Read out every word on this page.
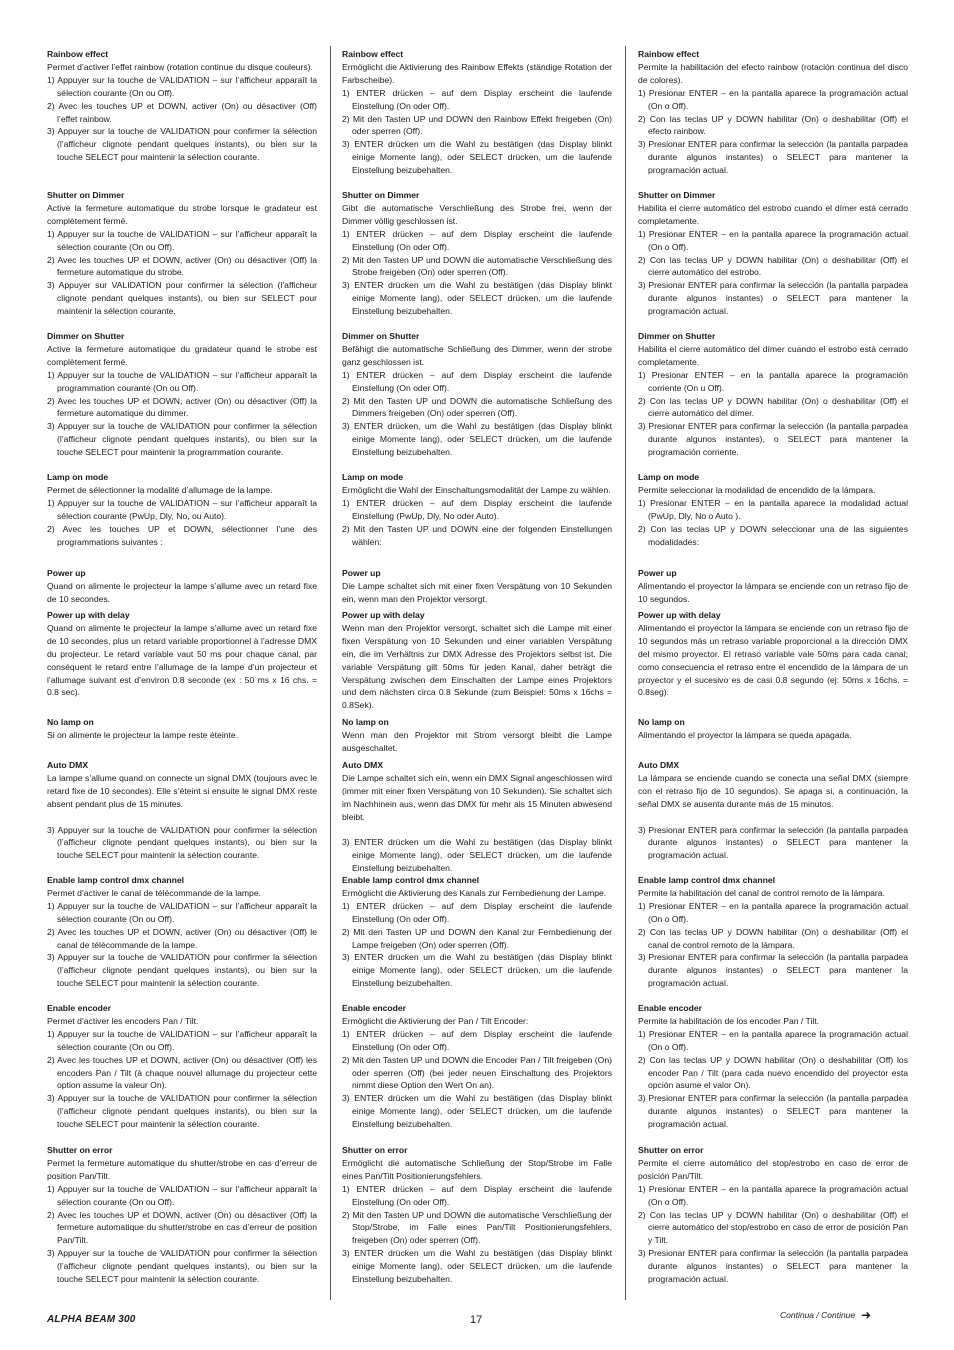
Rainbow effect
Permet d’activer l’effet rainbow (rotation continue du disque couleurs).
1) Appuyer sur la touche de VALIDATION – sur l’afficheur apparaît la sélection courante (On ou Off).
2) Avec les touches UP et DOWN, activer (On) ou désactiver (Off) l’effet rainbow.
3) Appuyer sur la touche de VALIDATION pour confirmer la sélection (l’afficheur clignote pendant quelques instants), ou bien sur la touche SELECT pour maintenir la sélection courante.
Shutter on Dimmer
Active la fermeture automatique du strobe lorsque le gradateur est complètement fermé.
1) Appuyer sur la touche de VALIDATION – sur l’afficheur apparaît la sélection courante (On ou Off).
2) Avec les touches UP et DOWN, activer (On) ou désactiver (Off) la fermeture automatique du strobe.
3) Appuyer sur VALIDATION pour confirmer la sélection (l’afficheur clignote pendant quelques instants), ou bien sur SELECT pour maintenir la sélection courante.
Dimmer on Shutter
Active la fermeture automatique du gradateur quand le strobe est complètement fermé.
1) Appuyer sur la touche de VALIDATION – sur l’afficheur apparaît la programmation courante (On ou Off).
2) Avec les touches UP et DOWN, activer (On) ou désactiver (Off) la fermeture automatique du dimmer.
3) Appuyer sur la touche de VALIDATION pour confirmer la sélection (l’afficheur clignote pendant quelques instants), ou bien sur la touche SELECT pour maintenir la programmation courante.
Lamp on mode
Permet de sélectionner la modalité d’allumage de la lampe.
1) Appuyer sur la touche de VALIDATION – sur l’afficheur apparaît la sélection courante (PwUp, Dly, No, ou Auto).
2) Avec les touches UP et DOWN, sélectionner l’une des programmations suivantes :
Power up
Quand on alimente le projecteur la lampe s’allume avec un retard fixe de 10 secondes.
Power up with delay
Quand on alimente le projecteur la lampe s’allume avec un retard fixe de 10 secondes, plus un retard variable proportionnel à l’adresse DMX du projecteur. Le retard variable vaut 50 ms pour chaque canal, par conséquent le retard entre l’allumage de la lampe d’un projecteur et l’allumage suivant est d’environ 0.8 seconde (ex : 50 ms x 16 chs. = 0.8 sec).
No lamp on
Si on alimente le projecteur la lampe reste éteinte.
Auto DMX
La lampe s’allume quand on connecte un signal DMX (toujours avec le retard fixe de 10 secondes). Elle s’éteint si ensuite le signal DMX reste absent pendant plus de 15 minutes.
3) Appuyer sur la touche de VALIDATION pour confirmer la sélection (l’afficheur clignote pendant quelques instants), ou bien sur la touche SELECT pour maintenir la sélection courante.
Enable lamp control dmx channel
Permet d’activer le canal de télécommande de la lampe.
1) Appuyer sur la touche de VALIDATION – sur l’afficheur apparaît la sélection courante (On ou Off).
2) Avec les touches UP et DOWN, activer (On) ou désactiver (Off) le canal de télécommande de la lampe.
3) Appuyer sur la touche de VALIDATION pour confirmer la sélection (l’afficheur clignote pendant quelques instants), ou bien sur la touche SELECT pour maintenir la sélection courante.
Enable encoder
Permet d’activer les encoders Pan / Tilt.
1) Appuyer sur la touche de VALIDATION – sur l’afficheur apparaît la sélection courante (On ou Off).
2) Avec les touches UP et DOWN, activer (On) ou désactiver (Off) les encoders Pan / Tilt (à chaque nouvel allumage du projecteur cette option assume la valeur On).
3) Appuyer sur la touche de VALIDATION pour confirmer la sélection (l’afficheur clignote pendant quelques instants), ou bien sur la touche SELECT pour maintenir la sélection courante.
Shutter on error
Permet la fermeture automatique du shutter/strobe en cas d’erreur de position Pan/Tilt.
1) Appuyer sur la touche de VALIDATION – sur l’afficheur apparaît la sélection courante (On ou Off).
2) Avec les touches UP et DOWN, activer (On) ou désactiver (Off) la fermeture automatique du shutter/strobe en cas d’erreur de position Pan/Tilt.
3) Appuyer sur la touche de VALIDATION pour confirmer la sélection (l’afficheur clignote pendant quelques instants), ou bien sur la touche SELECT pour maintenir la sélection courante.
Rainbow effect
Ermöglicht die Aktivierung des Rainbow Effekts (ständige Rotation der Farbscheibe).
1) ENTER drücken – auf dem Display erscheint die laufende Einstellung (On oder Off).
2) Mit den Tasten UP und DOWN den Rainbow Effekt freigeben (On) oder sperren (Off).
3) ENTER drücken um die Wahl zu bestätigen (das Display blinkt einige Momente lang), oder SELECT drücken, um die laufende Einstellung beizubehalten.
Shutter on Dimmer
Gibt die automatische Verschließung des Strobe frei, wenn der Dimmer völlig geschlossen ist.
1) ENTER drücken – auf dem Display erscheint die laufende Einstellung (On oder Off).
2) Mit den Tasten UP und DOWN die automatische Verschließung des Strobe freigeben (On) oder sperren (Off).
3) ENTER drücken um die Wahl zu bestätigen (das Display blinkt einige Momente lang), oder SELECT drücken, um die laufende Einstellung beizubehalten.
Dimmer on Shutter
Befähigt die automatische Schließung des Dimmer, wenn der strobe ganz geschlossen ist.
1) ENTER drücken – auf dem Display erscheint die laufende Einstellung (On oder Off).
2) Mit den Tasten UP und DOWN die automatische Schließung des Dimmers freigeben (On) oder sperren (Off).
3) ENTER drücken, um die Wahl zu bestätigen (das Display blinkt einige Momente lang), oder SELECT drücken, um die laufende Einstellung beizubehalten.
Lamp on mode
Ermöglicht die Wahl der Einschaltungsmodalität der Lampe zu wählen.
1) ENTER drücken – auf dem Display erscheint die laufende Einstellung (PwUp, Dly, No oder Auto).
2) Mit den Tasten UP und DOWN eine der folgenden Einstellungen wählen:
Power up
Die Lampe schaltet sich mit einer fixen Verspätung von 10 Sekunden ein, wenn man den Projektor versorgt.
Power up with delay
Wenn man den Projektor versorgt, schaltet sich die Lampe mit einer fixen Verspätung von 10 Sekunden und einer variablen Verspätung ein, die im Verhältnis zur DMX Adresse des Projektors selbst ist. Die variable Verspätung gilt 50ms für jeden Kanal, daher beträgt die Verspätung zwischen dem Einschalten der Lampe eines Projektors und dem nächsten circa 0.8 Sekunde (zum Beispiel: 50ms x 16chs = 0.8Sek).
No lamp on
Wenn man den Projektor mit Strom versorgt bleibt die Lampe ausgeschaltet.
Auto DMX
Die Lampe schaltet sich ein, wenn ein DMX Signal angeschlossen wird (immer mit einer fixen Verspätung von 10 Sekunden). Sie schaltet sich im Nachhinein aus, wenn das DMX für mehr als 15 Minuten abwesend bleibt.
3) ENTER drücken um die Wahl zu bestätigen (das Display blinkt einige Momente lang), oder SELECT drücken, um die laufende Einstellung beizubehalten.
Enable lamp control dmx channel
Ermöglicht die Aktivierung des Kanals zur Fernbedienung der Lampe.
1) ENTER drücken – auf dem Display erscheint die laufende Einstellung (On oder Off).
2) Mit den Tasten UP und DOWN den Kanal zur Fernbedienung der Lampe freigeben (On) oder sperren (Off).
3) ENTER drücken um die Wahl zu bestätigen (das Display blinkt einige Momente lang), oder SELECT drücken, um die laufende Einstellung beizubehalten.
Enable encoder
Ermöglicht die Aktivierung der Pan / Tilt Encoder:
1) ENTER drücken – auf dem Display erscheint die laufende Einstellung (On oder Off).
2) Mit den Tasten UP und DOWN die Encoder Pan / Tilt freigeben (On) oder sperren (Off) (bei jeder neuen Einschaltung des Projektors nimmt diese Option den Wert On an).
3) ENTER drücken um die Wahl zu bestätigen (das Display blinkt einige Momente lang), oder SELECT drücken, um die laufende Einstellung beizubehalten.
Shutter on error
Ermöglicht die automatische Schließung der Stop/Strobe im Falle eines Pan/Tilt Positionierungsfehlers.
1) ENTER drücken – auf dem Display erscheint die laufende Einstellung (On oder Off).
2) Mit den Tasten UP und DOWN die automatische Verschließung der Stop/Strobe, im Falle eines Pan/Tilt Positionierungsfehlers, freigeben (On) oder sperren (Off).
3) ENTER drücken um die Wahl zu bestätigen (das Display blinkt einige Momente lang), oder SELECT drücken, um die laufende Einstellung beizubehalten.
Rainbow effect
Permite la habilitación del efecto rainbow (rotación continua del disco de colores).
1) Presionar ENTER – en la pantalla aparece la programación actual (On o Off).
2) Con las teclas UP y DOWN habilitar (On) o deshabilitar (Off) el efecto rainbow.
3) Presionar ENTER para confirmar la selección (la pantalla parpadea durante algunos instantes) o SELECT para mantener la programación actual.
Shutter on Dimmer
Habilita el cierre automático del estrobo cuando el dímer está cerrado completamente.
1) Presionar ENTER – en la pantalla aparece la programación actual (On o Off).
2) Con las teclas UP y DOWN habilitar (On) o deshabilitar (Off) el cierre automático del estrobo.
3) Presionar ENTER para confirmar la selección (la pantalla parpadea durante algunos instantes) o SELECT para mantener la programación actual.
Dimmer on Shutter
Habilita el cierre automático del dímer cuando el estrobo está cerrado completamente.
1) Presionar ENTER – en la pantalla aparece la programación corriente (On u Off).
2) Con las teclas UP y DOWN habilitar (On) o deshabilitar (Off) el cierre automático del dímer.
3) Presionar ENTER para confirmar la selección (la pantalla parpadea durante algunos instantes), o SELECT para mantener la programación corriente.
Lamp on mode
Permite seleccionar la modalidad de encendido de la lámpara.
1) Presionar ENTER – en la pantalla aparece la modalidad actual (PwUp, Dly, No o Auto ).
2) Con las teclas UP y DOWN seleccionar una de las siguientes modalidades:
Power up
Alimentando el proyector la lámpara se enciende con un retraso fijo de 10 segundos.
Power up with delay
Alimentando el proyector la lámpara se enciende con un retraso fijo de 10 segundos más un retraso variable proporcional a la dirección DMX del mismo proyector. El retraso variable vale 50ms para cada canal; como consecuencia el retraso entre el encendido de la lámpara de un proyector y el sucesivo es de casi 0.8 segundo (ej: 50ms x 16chs. = 0.8seg).
No lamp on
Alimentando el proyector la lámpara se queda apagada.
Auto DMX
La lámpara se enciende cuando se conecta una señal DMX (siempre con el retraso fijo de 10 segundos). Se apaga si, a continuación, la señal DMX se ausenta durante más de 15 minutos.
3) Presionar ENTER para confirmar la selección (la pantalla parpadea durante algunos instantes) o SELECT para mantener la programación actual.
Enable lamp control dmx channel
Permite la habilitación del canal de control remoto de la lámpara.
1) Presionar ENTER – en la pantalla aparece la programación actual (On o Off).
2) Con las teclas UP y DOWN habilitar (On) o deshabilitar (Off) el canal de control remoto de la lámpara.
3) Presionar ENTER para confirmar la selección (la pantalla parpadea durante algunos instantes) o SELECT para mantener la programación actual.
Enable encoder
Permite la habilitación de los encoder Pan / Tilt.
1) Presionar ENTER – en la pantalla aparece la programación actual (On o Off).
2) Con las teclas UP y DOWN habilitar (On) o deshabilitar (Off) los encoder Pan / Tilt (para cada nuevo encendido del proyector esta opción asume el valor On).
3) Presionar ENTER para confirmar la selección (la pantalla parpadea durante algunos instantes) o SELECT para mantener la programación actual.
Shutter on error
Permite el cierre automático del stop/estrobo en caso de error de posición Pan/Tilt.
1) Presionar ENTER – en la pantalla aparece la programación actual (On o Off).
2) Con las teclas UP y DOWN habilitar (On) o deshabilitar (Off) el cierre automático del stop/estrobo en caso de error de posición Pan y Tilt.
3) Presionar ENTER para confirmar la selección (la pantalla parpadea durante algunos instantes) o SELECT para mantener la programación actual.
ALPHA BEAM 300	17	Continua / Continue ➜
